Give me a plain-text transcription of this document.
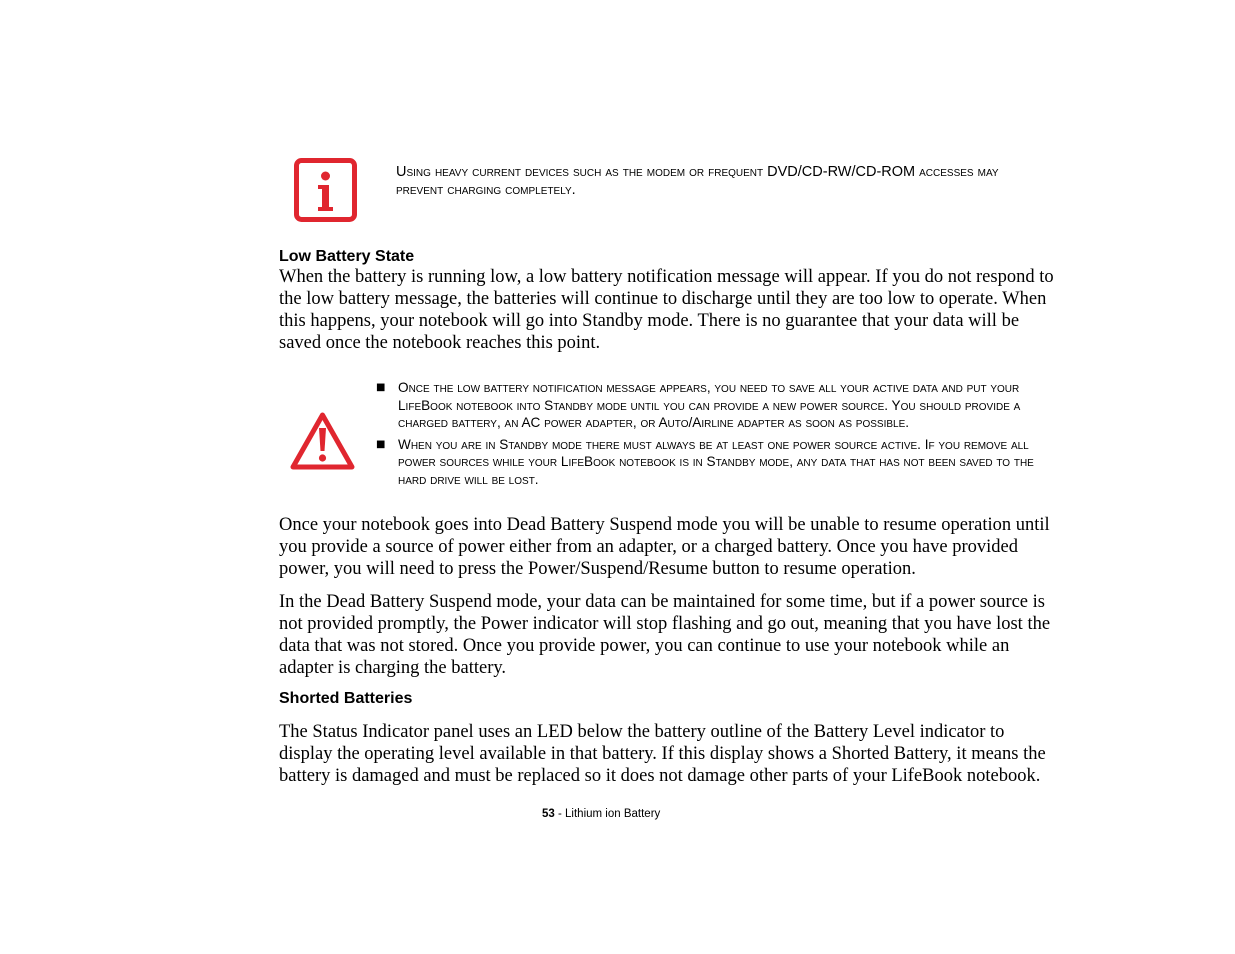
Using heavy current devices such as the modem or frequent DVD/CD-RW/CD-ROM accesses may prevent charging completely.
Low Battery State

When the battery is running low, a low battery notification message will appear. If you do not respond to the low battery message, the batteries will continue to discharge until they are too low to operate. When this happens, your notebook will go into Standby mode. There is no guarantee that your data will be saved once the notebook reaches this point.

■ Once the low battery notification message appears, you need to save all your active data and put your LifeBook notebook into Standby mode until you can provide a new power source. You should provide a charged battery, an AC power adapter, or Auto/Airline adapter as soon as possible.
■ When you are in Standby mode there must always be at least one power source active. If you remove all power sources while your LifeBook notebook is in Standby mode, any data that has not been saved to the hard drive will be lost.

Once your notebook goes into Dead Battery Suspend mode you will be unable to resume operation until you provide a source of power either from an adapter, or a charged battery. Once you have provided power, you will need to press the Power/Suspend/Resume button to resume operation.

In the Dead Battery Suspend mode, your data can be maintained for some time, but if a power source is not provided promptly, the Power indicator will stop flashing and go out, meaning that you have lost the data that was not stored. Once you provide power, you can continue to use your notebook while an adapter is charging the battery.

Shorted Batteries

The Status Indicator panel uses an LED below the battery outline of the Battery Level indicator to display the operating level available in that battery. If this display shows a Shorted Battery, it means the battery is damaged and must be replaced so it does not damage other parts of your LifeBook notebook.

53 - Lithium ion Battery
